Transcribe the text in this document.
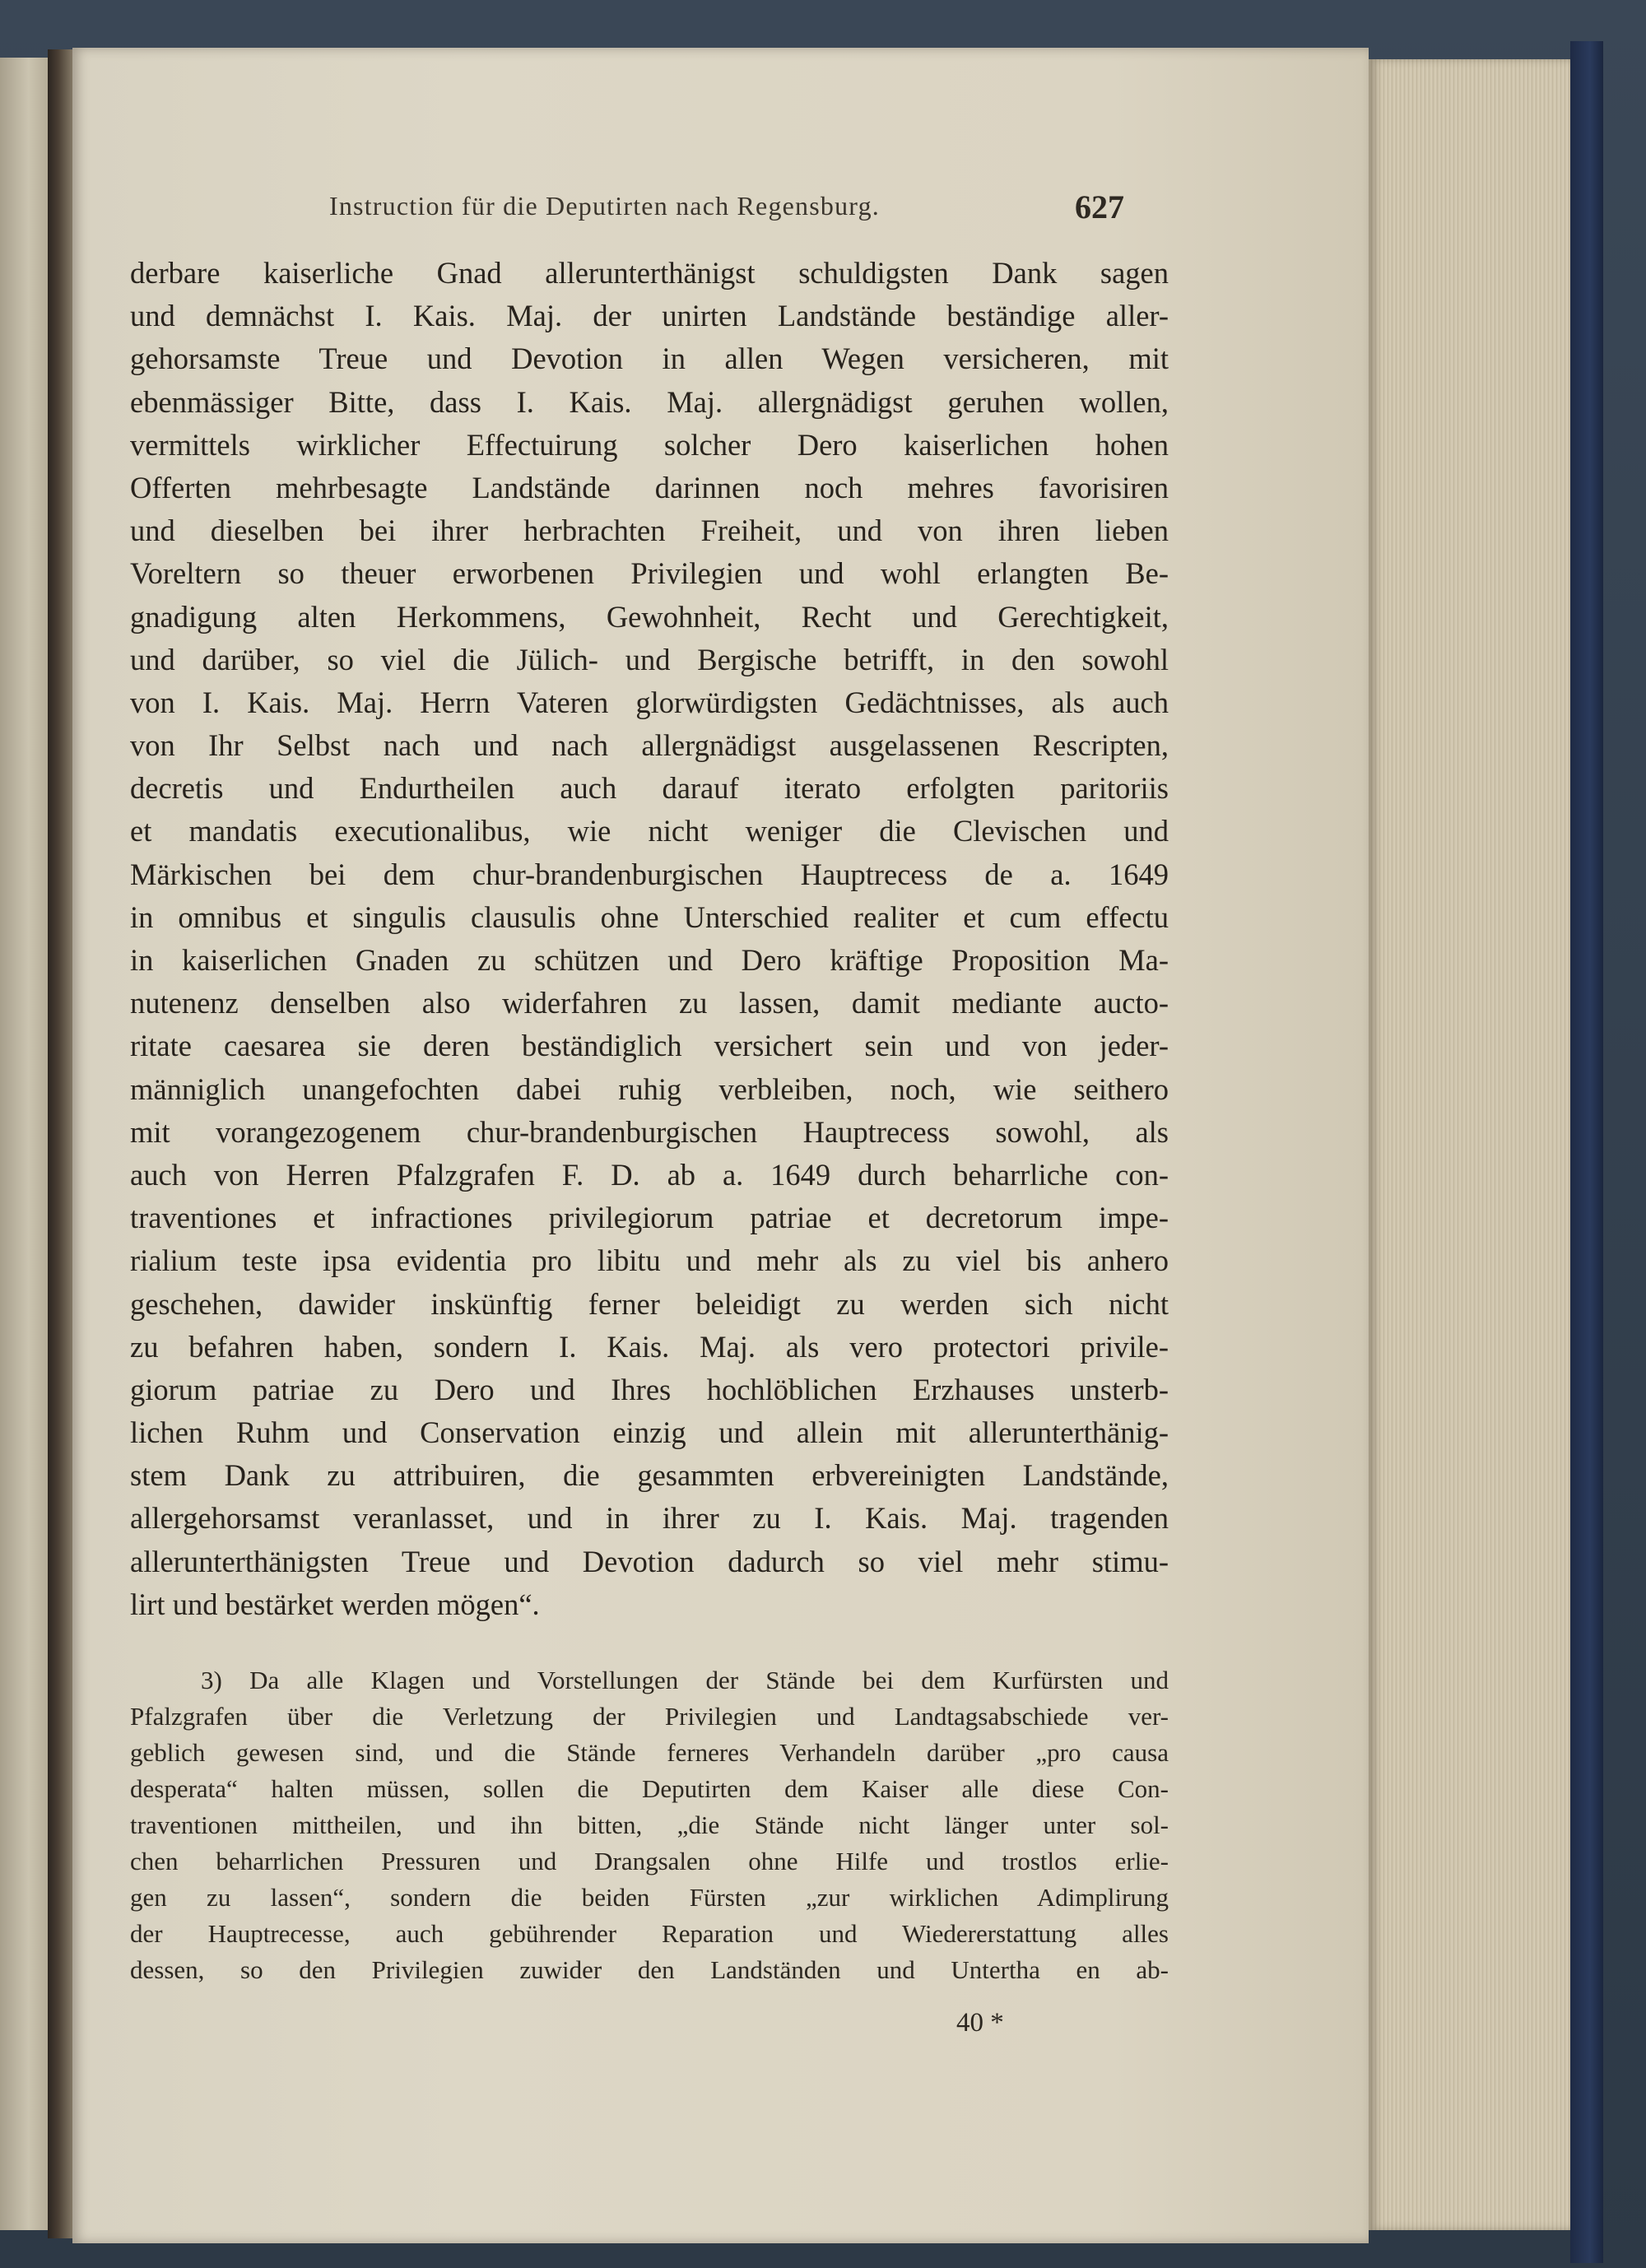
Instruction für die Deputirten nach Regensburg.	627
derbare kaiserliche Gnad allerunterthänigst schuldigsten Dank sagen
und demnächst I. Kais. Maj. der unirten Landstände beständige aller-
gehorsamste Treue und Devotion in allen Wegen versicheren, mit
ebenmässiger Bitte, dass I. Kais. Maj. allergnädigst geruhen wollen,
vermittels wirklicher Effectuirung solcher Dero kaiserlichen hohen
Offerten mehrbesagte Landstände darinnen noch mehres favorisiren
und dieselben bei ihrer herbrachten Freiheit, und von ihren lieben
Voreltern so theuer erworbenen Privilegien und wohl erlangten Be-
gnadigung alten Herkommens, Gewohnheit, Recht und Gerechtigkeit,
und darüber, so viel die Jülich- und Bergische betrifft, in den sowohl
von I. Kais. Maj. Herrn Vateren glorwürdigsten Gedächtnisses, als auch
von Ihr Selbst nach und nach allergnädigst ausgelassenen Rescripten,
decretis und Endurtheilen auch darauf iterato erfolgten paritoriis
et mandatis executionalibus, wie nicht weniger die Clevischen und
Märkischen bei dem chur-brandenburgischen Hauptrecess de a. 1649
in omnibus et singulis clausulis ohne Unterschied realiter et cum effectu
in kaiserlichen Gnaden zu schützen und Dero kräftige Proposition Ma-
nutenenz denselben also widerfahren zu lassen, damit mediante aucto-
ritate caesarea sie deren beständiglich versichert sein und von jeder-
männiglich unangefochten dabei ruhig verbleiben, noch, wie seithero
mit vorangezogenem chur-brandenburgischen Hauptrecess sowohl, als
auch von Herren Pfalzgrafen F. D. ab a. 1649 durch beharrliche con-
traventiones et infractiones privilegiorum patriae et decretorum impe-
rialium teste ipsa evidentia pro libitu und mehr als zu viel bis anhero
geschehen, dawider inskünftig ferner beleidigt zu werden sich nicht
zu befahren haben, sondern I. Kais. Maj. als vero protectori privile-
giorum patriae zu Dero und Ihres hochlöblichen Erzhauses unsterb-
lichen Ruhm und Conservation einzig und allein mit allerunterthänig-
stem Dank zu attribuiren, die gesammten erbvereinigten Landstände,
allergehorsamst veranlasset, und in ihrer zu I. Kais. Maj. tragenden
allerunterthänigsten Treue und Devotion dadurch so viel mehr stimu-
lirt und bestärket werden mögen“.
3) Da alle Klagen und Vorstellungen der Stände bei dem Kurfürsten und
Pfalzgrafen über die Verletzung der Privilegien und Landtagsabschiede ver-
geblich gewesen sind, und die Stände ferneres Verhandeln darüber „pro causa
desperata“ halten müssen, sollen die Deputirten dem Kaiser alle diese Con-
traventionen mittheilen, und ihn bitten, „die Stände nicht länger unter sol-
chen beharrlichen Pressuren und Drangsalen ohne Hilfe und trostlos erlie-
gen zu lassen“, sondern die beiden Fürsten „zur wirklichen Adimplirung
der Hauptrecesse, auch gebührender Reparation und Wiedererstattung alles
dessen, so den Privilegien zuwider den Landständen und Untertha en ab-
40 *
